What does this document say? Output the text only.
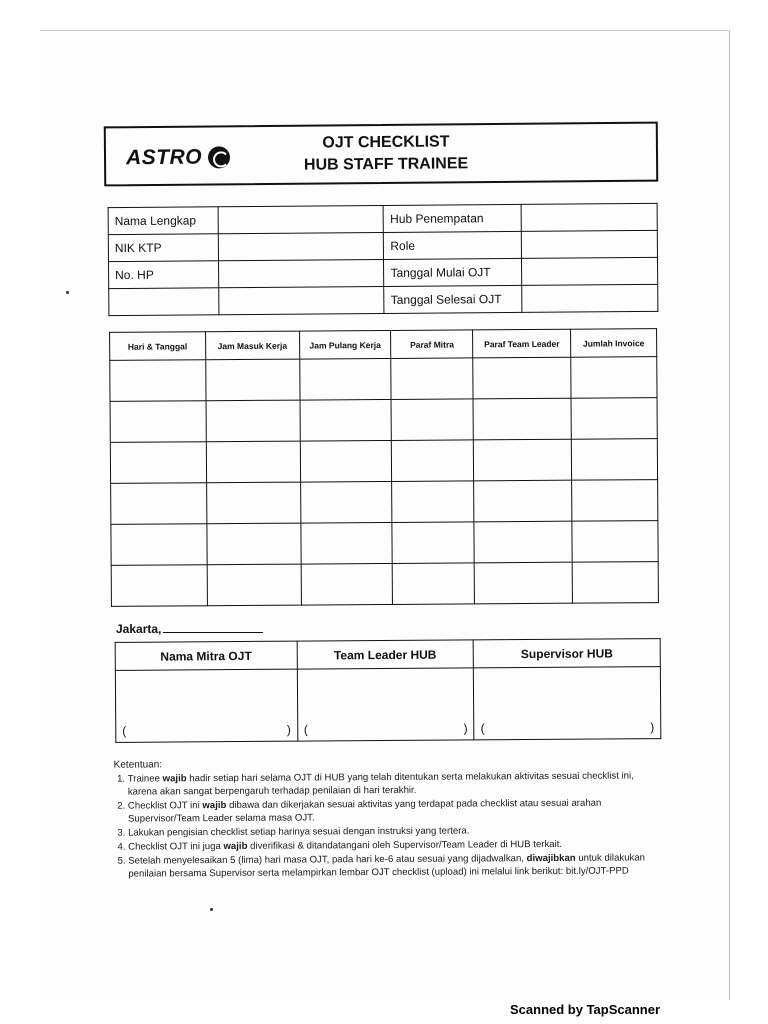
ASTRO
OJT CHECKLIST
HUB STAFF TRAINEE
Nama Lengkap		Hub Penempatan	
NIK KTP		Role	
No. HP		Tanggal Mulai OJT	
		Tanggal Selesai OJT	
Hari & Tanggal	Jam Masuk Kerja	Jam Pulang Kerja	Paraf Mitra	Paraf Team Leader	Jumlah Invoice

Jakarta,
Nama Mitra OJT	Team Leader HUB	Supervisor HUB

( )	( )	( )
Ketentuan:
1. Trainee wajib hadir setiap hari selama OJT di HUB yang telah ditentukan serta melakukan aktivitas sesuai checklist ini, karena akan sangat berpengaruh terhadap penilaian di hari terakhir.
2. Checklist OJT ini wajib dibawa dan dikerjakan sesuai aktivitas yang terdapat pada checklist atau sesuai arahan Supervisor/Team Leader selama masa OJT.
3. Lakukan pengisian checklist setiap harinya sesuai dengan instruksi yang tertera.
4. Checklist OJT ini juga wajib diverifikasi & ditandatangani oleh Supervisor/Team Leader di HUB terkait.
5. Setelah menyelesaikan 5 (lima) hari masa OJT, pada hari ke-6 atau sesuai yang dijadwalkan, diwajibkan untuk dilakukan penilaian bersama Supervisor serta melampirkan lembar OJT checklist (upload) ini melalui link berikut: bit.ly/OJT-PPD
Scanned by TapScanner
